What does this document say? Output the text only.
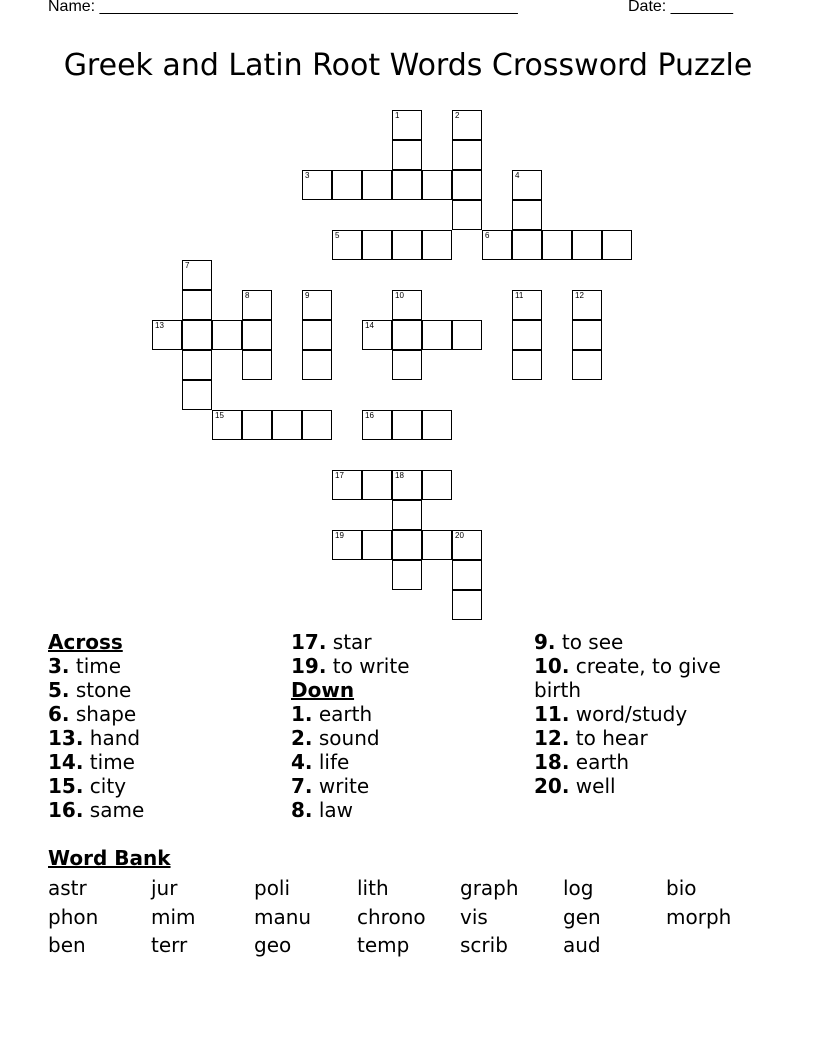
Name: _______________________________________________	Date: _______
Greek and Latin Root Words Crossword Puzzle
1	2
3	4
5	6
7
8	9	10	11	12
13	14
15	16
17	18
19	20
Across
3. time
5. stone
6. shape
13. hand
14. time
15. city
16. same
17. star
19. to write
Down
1. earth
2. sound
4. life
7. write
8. law
9. to see
10. create, to give birth
11. word/study
12. to hear
18. earth
20. well
Word Bank
astr	jur	poli	lith	graph	log	bio
phon	mim	manu	chrono	vis	gen	morph
ben	terr	geo	temp	scrib	aud
